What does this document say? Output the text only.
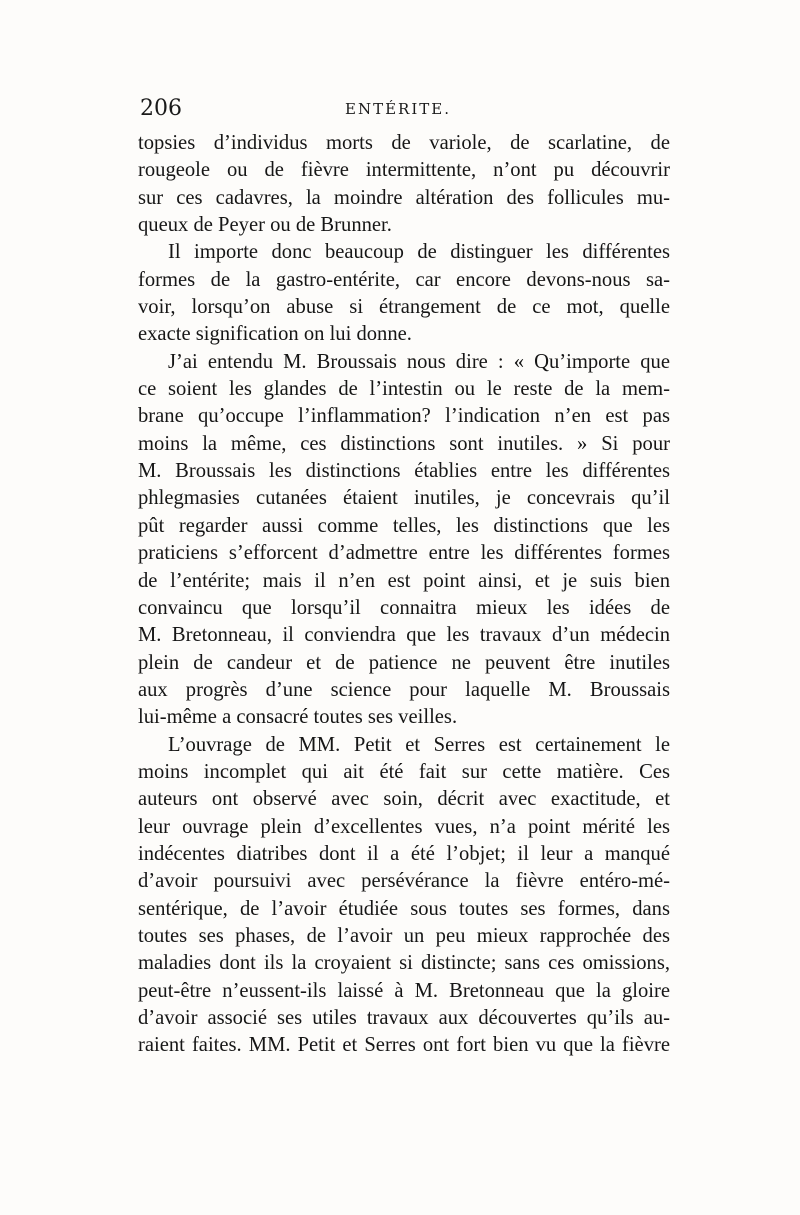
206	ENTÉRITE.
topsies d’individus morts de variole, de scarlatine, de
rougeole ou de fièvre intermittente, n’ont pu découvrir
sur ces cadavres, la moindre altération des follicules mu-
queux de Peyer ou de Brunner.
Il importe donc beaucoup de distinguer les différentes
formes de la gastro-entérite, car encore devons-nous sa-
voir, lorsqu’on abuse si étrangement de ce mot, quelle
exacte signification on lui donne.
J’ai entendu M. Broussais nous dire : « Qu’importe que
ce soient les glandes de l’intestin ou le reste de la mem-
brane qu’occupe l’inflammation? l’indication n’en est pas
moins la même, ces distinctions sont inutiles. » Si pour
M. Broussais les distinctions établies entre les différentes
phlegmasies cutanées étaient inutiles, je concevrais qu’il
pût regarder aussi comme telles, les distinctions que les
praticiens s’efforcent d’admettre entre les différentes formes
de l’entérite; mais il n’en est point ainsi, et je suis bien
convaincu que lorsqu’il connaitra mieux les idées de
M. Bretonneau, il conviendra que les travaux d’un médecin
plein de candeur et de patience ne peuvent être inutiles
aux progrès d’une science pour laquelle M. Broussais
lui-même a consacré toutes ses veilles.
L’ouvrage de MM. Petit et Serres est certainement le
moins incomplet qui ait été fait sur cette matière. Ces
auteurs ont observé avec soin, décrit avec exactitude, et
leur ouvrage plein d’excellentes vues, n’a point mérité les
indécentes diatribes dont il a été l’objet; il leur a manqué
d’avoir poursuivi avec persévérance la fièvre entéro-mé-
sentérique, de l’avoir étudiée sous toutes ses formes, dans
toutes ses phases, de l’avoir un peu mieux rapprochée des
maladies dont ils la croyaient si distincte; sans ces omissions,
peut-être n’eussent-ils laissé à M. Bretonneau que la gloire
d’avoir associé ses utiles travaux aux découvertes qu’ils au-
raient faites. MM. Petit et Serres ont fort bien vu que la fièvre
